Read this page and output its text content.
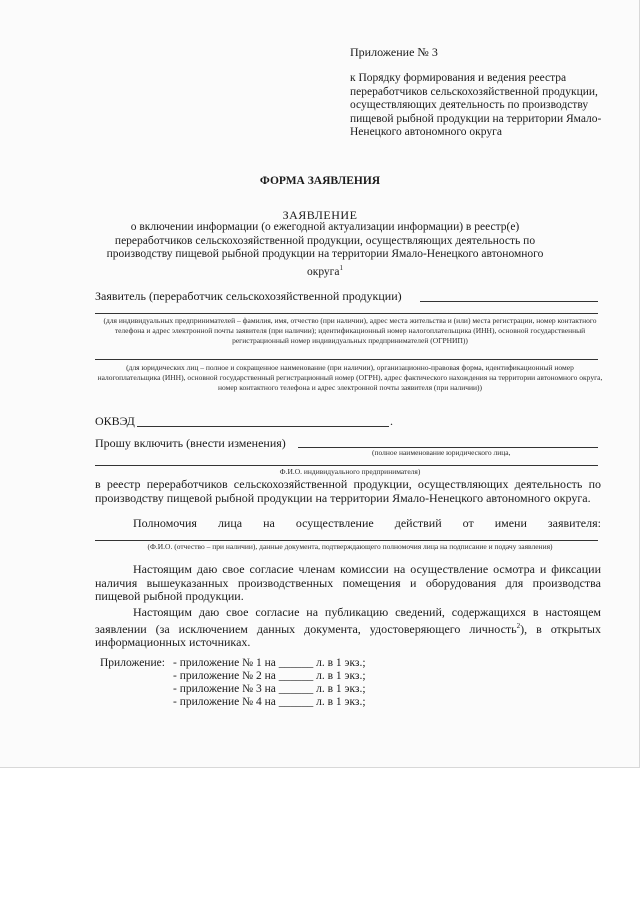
Приложение № 3
к Порядку формирования и ведения реестра переработчиков сельскохозяйственной продукции, осуществляющих деятельность по производству пищевой рыбной продукции на территории Ямало-Ненецкого автономного округа
ФОРМА ЗАЯВЛЕНИЯ
ЗАЯВЛЕНИЕ
о включении информации (о ежегодной актуализации информации) в реестр(е) переработчиков сельскохозяйственной продукции, осуществляющих деятельность по производству пищевой рыбной продукции на территории Ямало-Ненецкого автономного округа$^1$
Заявитель (переработчик сельскохозяйственной продукции)
(для индивидуальных предпринимателей – фамилия, имя, отчество (при наличии), адрес места жительства и (или) места регистрации, номер контактного телефона и адрес электронной почты заявителя (при наличии); идентификационный номер налогоплательщика (ИНН), основной государственный регистрационный номер индивидуальных предпринимателей (ОГРНИП))
(для юридических лиц – полное и сокращенное наименование (при наличии), организационно-правовая форма, идентификационный номер налогоплательщика (ИНН), основной государственный регистрационный номер (ОГРН), адрес фактического нахождения на территории автономного округа, номер контактного телефона и адрес электронной почты заявителя (при наличии))
ОКВЭД	.
Прошу включить (внести изменения)
(полное наименование юридического лица,
Ф.И.О. индивидуального предпринимателя)
в реестр переработчиков сельскохозяйственной продукции, осуществляющих деятельность по производству пищевой рыбной продукции на территории Ямало-Ненецкого автономного округа.
Полномочия лица на осуществление действий от имени заявителя:
(Ф.И.О. (отчество – при наличии), данные документа, подтверждающего полномочия лица на подписание и подачу заявления)
Настоящим даю свое согласие членам комиссии на осуществление осмотра и фиксации наличия вышеуказанных производственных помещения и оборудования для производства пищевой рыбной продукции.
Настоящим даю свое согласие на публикацию сведений, содержащихся в настоящем заявлении (за исключением данных документа, удостоверяющего личность$^2$), в открытых информационных источниках.
Приложение: - приложение № 1 на ______ л. в 1 экз.;
- приложение № 2 на ______ л. в 1 экз.;
- приложение № 3 на ______ л. в 1 экз.;
- приложение № 4 на ______ л. в 1 экз.;
